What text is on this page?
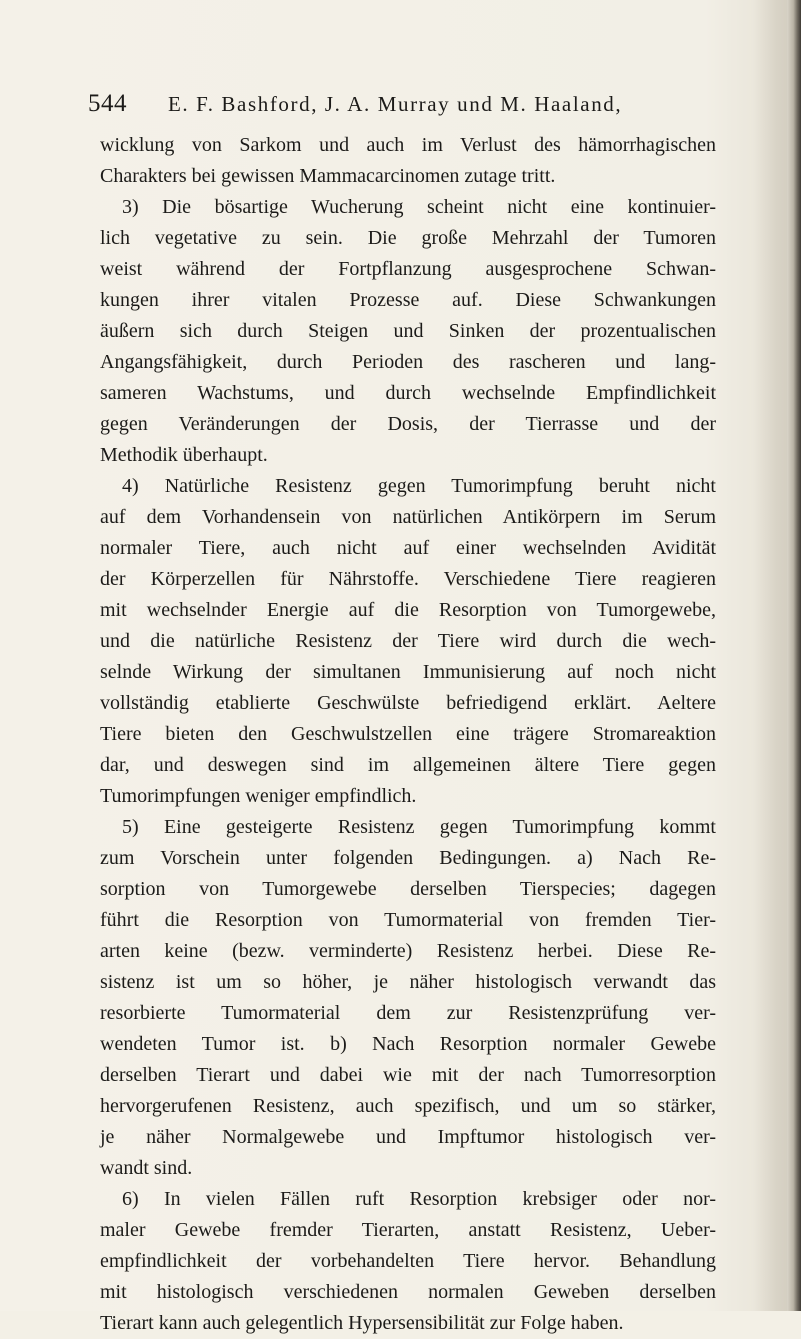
544 E. F. Bashford, J. A. Murray und M. Haaland,
wicklung von Sarkom und auch im Verlust des hämorrhagischen
Charakters bei gewissen Mammacarcinomen zutage tritt.
3) Die bösartige Wucherung scheint nicht eine kontinuier-
lich vegetative zu sein. Die große Mehrzahl der Tumoren
weist während der Fortpflanzung ausgesprochene Schwan-
kungen ihrer vitalen Prozesse auf. Diese Schwankungen
äußern sich durch Steigen und Sinken der prozentualischen
Angangsfähigkeit, durch Perioden des rascheren und lang-
sameren Wachstums, und durch wechselnde Empfindlichkeit
gegen Veränderungen der Dosis, der Tierrasse und der
Methodik überhaupt.
4) Natürliche Resistenz gegen Tumorimpfung beruht nicht
auf dem Vorhandensein von natürlichen Antikörpern im Serum
normaler Tiere, auch nicht auf einer wechselnden Avidität
der Körperzellen für Nährstoffe. Verschiedene Tiere reagieren
mit wechselnder Energie auf die Resorption von Tumorgewebe,
und die natürliche Resistenz der Tiere wird durch die wech-
selnde Wirkung der simultanen Immunisierung auf noch nicht
vollständig etablierte Geschwülste befriedigend erklärt. Aeltere
Tiere bieten den Geschwulstzellen eine trägere Stromareaktion
dar, und deswegen sind im allgemeinen ältere Tiere gegen
Tumorimpfungen weniger empfindlich.
5) Eine gesteigerte Resistenz gegen Tumorimpfung kommt
zum Vorschein unter folgenden Bedingungen. a) Nach Re-
sorption von Tumorgewebe derselben Tierspecies; dagegen
führt die Resorption von Tumormaterial von fremden Tier-
arten keine (bezw. verminderte) Resistenz herbei. Diese Re-
sistenz ist um so höher, je näher histologisch verwandt das
resorbierte Tumormaterial dem zur Resistenzprüfung ver-
wendeten Tumor ist. b) Nach Resorption normaler Gewebe
derselben Tierart und dabei wie mit der nach Tumorresorption
hervorgerufenen Resistenz, auch spezifisch, und um so stärker,
je näher Normalgewebe und Impftumor histologisch ver-
wandt sind.
6) In vielen Fällen ruft Resorption krebsiger oder nor-
maler Gewebe fremder Tierarten, anstatt Resistenz, Ueber-
empfindlichkeit der vorbehandelten Tiere hervor. Behandlung
mit histologisch verschiedenen normalen Geweben derselben
Tierart kann auch gelegentlich Hypersensibilität zur Folge haben.
